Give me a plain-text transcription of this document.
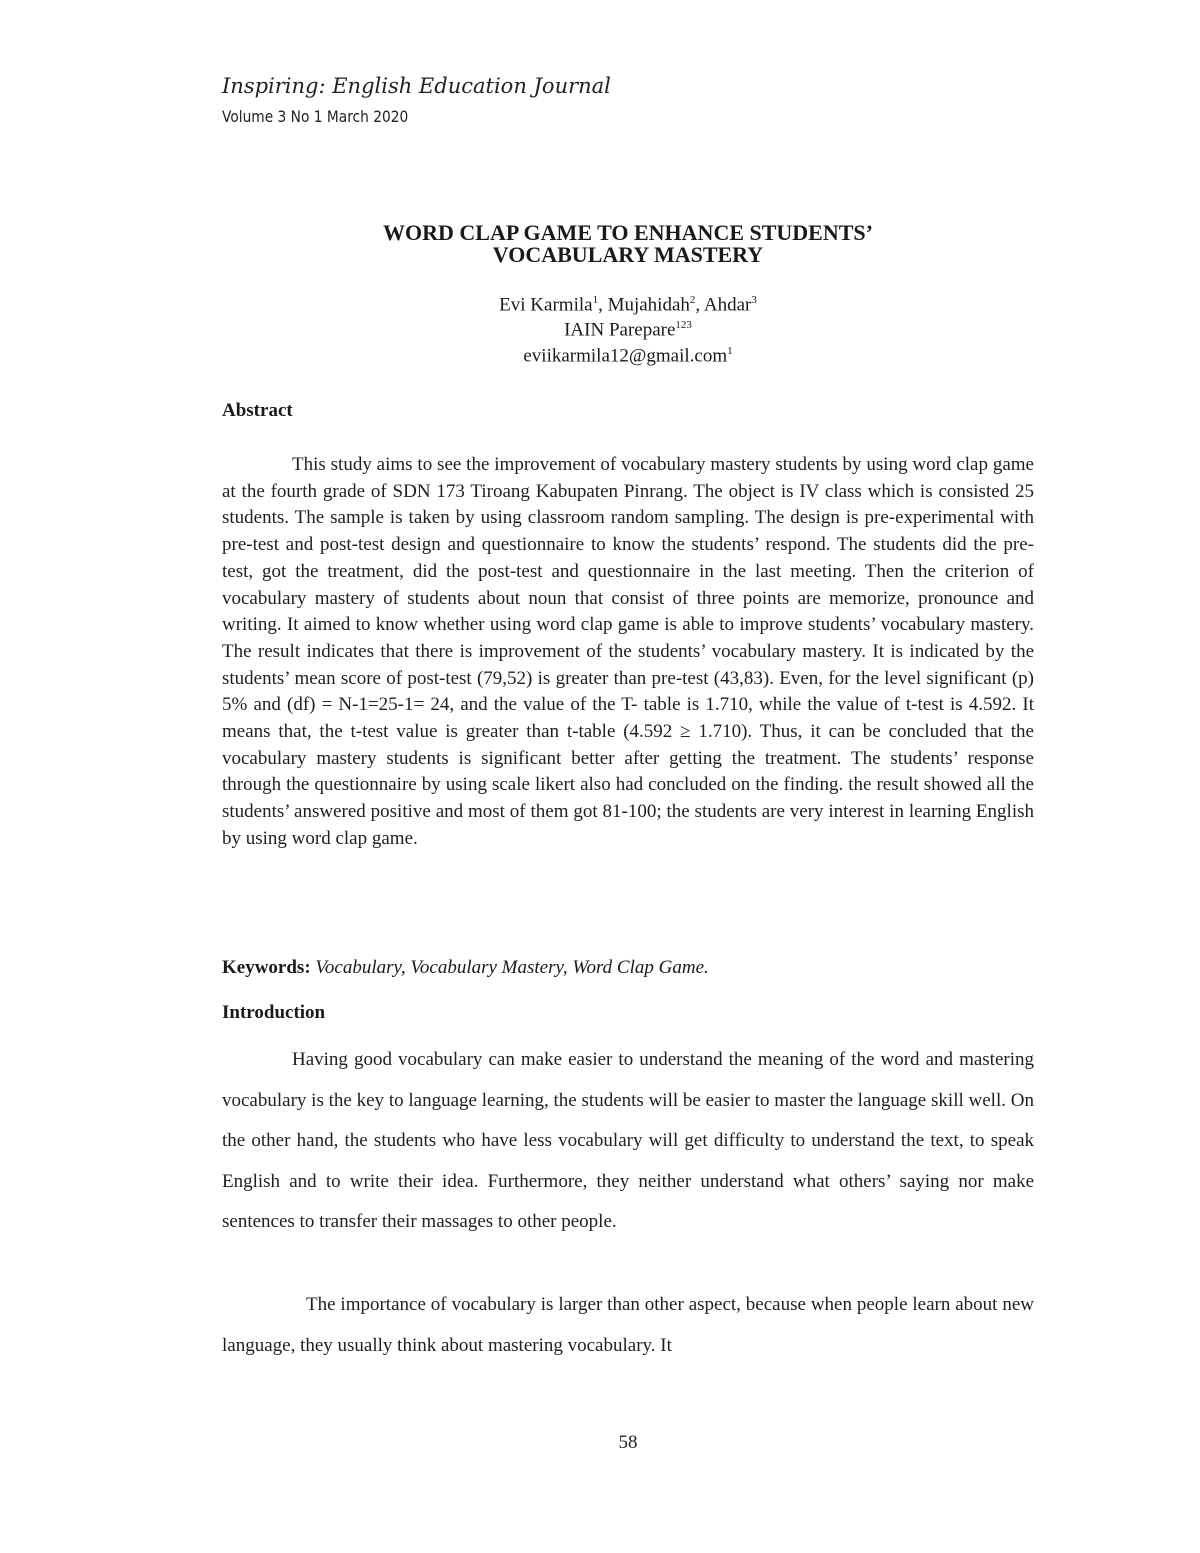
Inspiring: English Education Journal
Volume 3 No 1 March 2020
WORD CLAP GAME TO ENHANCE STUDENTS’
VOCABULARY MASTERY
Evi Karmila$^1$, Mujahidah$^2$, Ahdar$^3$
IAIN Parepare$^{123}$
eviikarmila12@gmail.com$^1$
Abstract
This study aims to see the improvement of vocabulary mastery students by using word clap game at the fourth grade of SDN 173 Tiroang Kabupaten Pinrang. The object is IV class which is consisted 25 students. The sample is taken by using classroom random sampling. The design is pre-experimental with pre-test and post-test design and questionnaire to know the students’ respond. The students did the pre-test, got the treatment, did the post-test and questionnaire in the last meeting. Then the criterion of vocabulary mastery of students about noun that consist of three points are memorize, pronounce and writing. It aimed to know whether using word clap game is able to improve students’ vocabulary mastery. The result indicates that there is improvement of the students’ vocabulary mastery. It is indicated by the students’ mean score of post-test (79,52) is greater than pre-test (43,83). Even, for the level significant (p) 5% and (df) = N-1=25-1= 24, and the value of the T- table is 1.710, while the value of t-test is 4.592. It means that, the t-test value is greater than t-table (4.592 ≥ 1.710). Thus, it can be concluded that the vocabulary mastery students is significant better after getting the treatment. The students’ response through the questionnaire by using scale likert also had concluded on the finding. the result showed all the students’ answered positive and most of them got 81-100; the students are very interest in learning English by using word clap game.
Keywords: Vocabulary, Vocabulary Mastery, Word Clap Game.
Introduction

Having good vocabulary can make easier to understand the meaning of the word and mastering vocabulary is the key to language learning, the students will be easier to master the language skill well. On the other hand, the students who have less vocabulary will get difficulty to understand the text, to speak English and to write their idea. Furthermore, they neither understand what others’ saying nor make sentences to transfer their massages to other people.

The importance of vocabulary is larger than other aspect, because when people learn about new language, they usually think about mastering vocabulary. It

58
